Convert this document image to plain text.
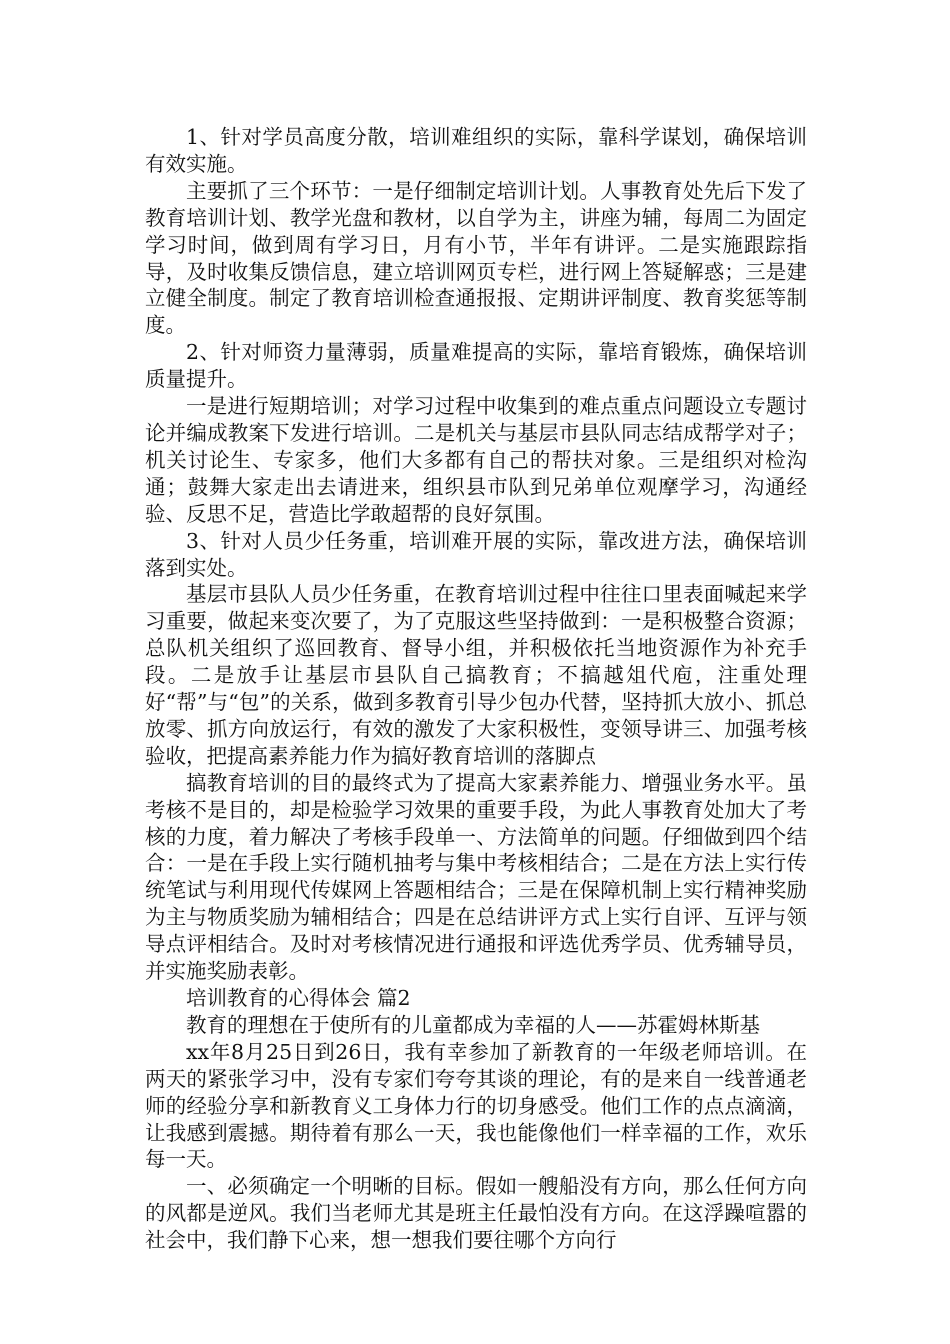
1、针对学员高度分散，培训难组织的实际，靠科学谋划，确保培训有效实施。

主要抓了三个环节：一是仔细制定培训计划。人事教育处先后下发了教育培训计划、教学光盘和教材，以自学为主，讲座为辅，每周二为固定学习时间，做到周有学习日，月有小节，半年有讲评。二是实施跟踪指导，及时收集反馈信息，建立培训网页专栏，进行网上答疑解惑；三是建立健全制度。制定了教育培训检查通报报、定期讲评制度、教育奖惩等制度。

2、针对师资力量薄弱，质量难提高的实际，靠培育锻炼，确保培训质量提升。

一是进行短期培训；对学习过程中收集到的难点重点问题设立专题讨论并编成教案下发进行培训。二是机关与基层市县队同志结成帮学对子；机关讨论生、专家多，他们大多都有自己的帮扶对象。三是组织对检沟通；鼓舞大家走出去请进来，组织县市队到兄弟单位观摩学习，沟通经验、反思不足，营造比学敢超帮的良好氛围。

3、针对人员少任务重，培训难开展的实际，靠改进方法，确保培训落到实处。

基层市县队人员少任务重，在教育培训过程中往往口里表面喊起来学习重要，做起来变次要了，为了克服这些坚持做到：一是积极整合资源；总队机关组织了巡回教育、督导小组，并积极依托当地资源作为补充手段。二是放手让基层市县队自己搞教育；不搞越俎代庖，注重处理好“帮”与“包”的关系，做到多教育引导少包办代替，坚持抓大放小、抓总放零、抓方向放运行，有效的激发了大家积极性，变领导讲三、加强考核验收，把提高素养能力作为搞好教育培训的落脚点

搞教育培训的目的最终式为了提高大家素养能力、增强业务水平。虽考核不是目的，却是检验学习效果的重要手段，为此人事教育处加大了考核的力度，着力解决了考核手段单一、方法简单的问题。仔细做到四个结合：一是在手段上实行随机抽考与集中考核相结合；二是在方法上实行传统笔试与利用现代传媒网上答题相结合；三是在保障机制上实行精神奖励为主与物质奖励为辅相结合；四是在总结讲评方式上实行自评、互评与领导点评相结合。及时对考核情况进行通报和评选优秀学员、优秀辅导员，并实施奖励表彰。

培训教育的心得体会 篇2

教育的理想在于使所有的儿童都成为幸福的人——苏霍姆林斯基

xx年8月25日到26日，我有幸参加了新教育的一年级老师培训。在两天的紧张学习中，没有专家们夸夸其谈的理论，有的是来自一线普通老师的经验分享和新教育义工身体力行的切身感受。他们工作的点点滴滴，让我感到震撼。期待着有那么一天，我也能像他们一样幸福的工作，欢乐每一天。

一、必须确定一个明晰的目标。假如一艘船没有方向，那么任何方向的风都是逆风。我们当老师尤其是班主任最怕没有方向。在这浮躁喧嚣的社会中，我们静下心来，想一想我们要往哪个方向行
